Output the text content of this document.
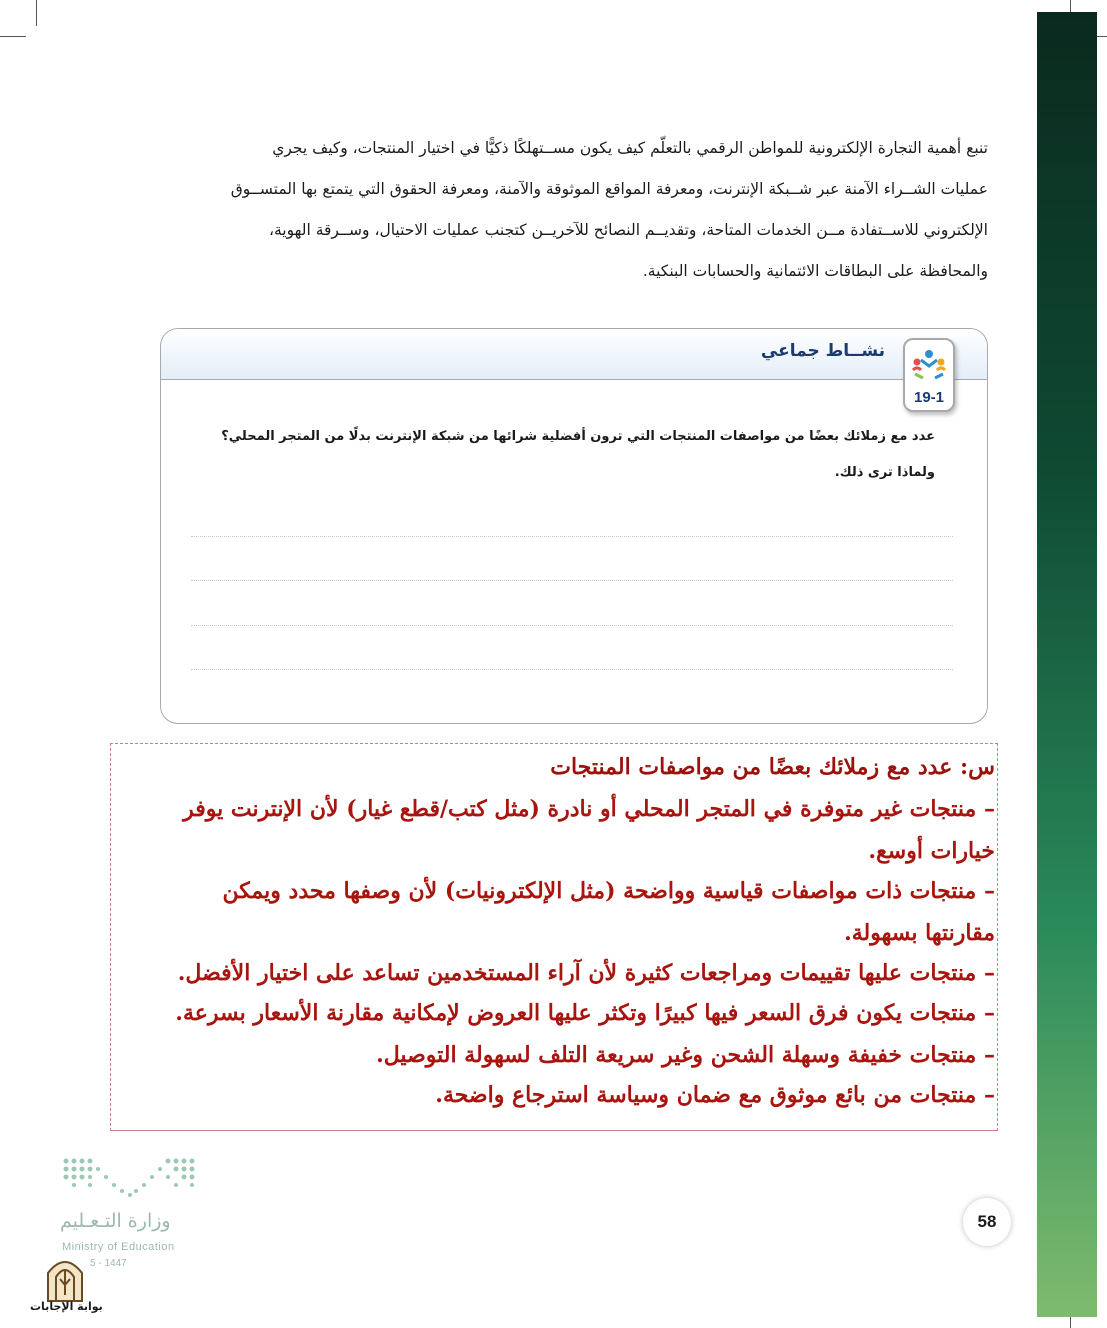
تنبع أهمية التجارة الإلكترونية للمواطن الرقمي بالتعلّم كيف يكون مســتهلكًا ذكيًّا في اختيار المنتجات، وكيف يجري
عمليات الشــراء الآمنة عبر شــبكة الإنترنت، ومعرفة المواقع الموثوقة والآمنة، ومعرفة الحقوق التي يتمتع بها المتســوق
الإلكتروني للاســتفادة مــن الخدمات المتاحة، وتقديــم النصائح للآخريــن كتجنب عمليات الاحتيال، وســرقة الهوية،
والمحافظة على البطاقات الائتمانية والحسابات البنكية.
نشــاط جماعي
عدد مع زملائك بعضًا من مواصفات المنتجات التي ترون أفضلية شرائها من شبكة الإنترنت بدلًا من المتجر المحلي؟
ولماذا ترى ذلك.
19-1
س: عدد مع زملائك بعضًا من مواصفات المنتجات
– منتجات غير متوفرة في المتجر المحلي أو نادرة (مثل كتب/قطع غيار) لأن الإنترنت يوفر
خيارات أوسع.
– منتجات ذات مواصفات قياسية وواضحة (مثل الإلكترونيات) لأن وصفها محدد ويمكن
مقارنتها بسهولة.
– منتجات عليها تقييمات ومراجعات كثيرة لأن آراء المستخدمين تساعد على اختيار الأفضل.
– منتجات يكون فرق السعر فيها كبيرًا وتكثر عليها العروض لإمكانية مقارنة الأسعار بسرعة.
– منتجات خفيفة وسهلة الشحن وغير سريعة التلف لسهولة التوصيل.
– منتجات من بائع موثوق مع ضمان وسياسة استرجاع واضحة.
وزارة التـعـليم
Ministry of Education
5 - 1447
بوابة الإجابات
58
